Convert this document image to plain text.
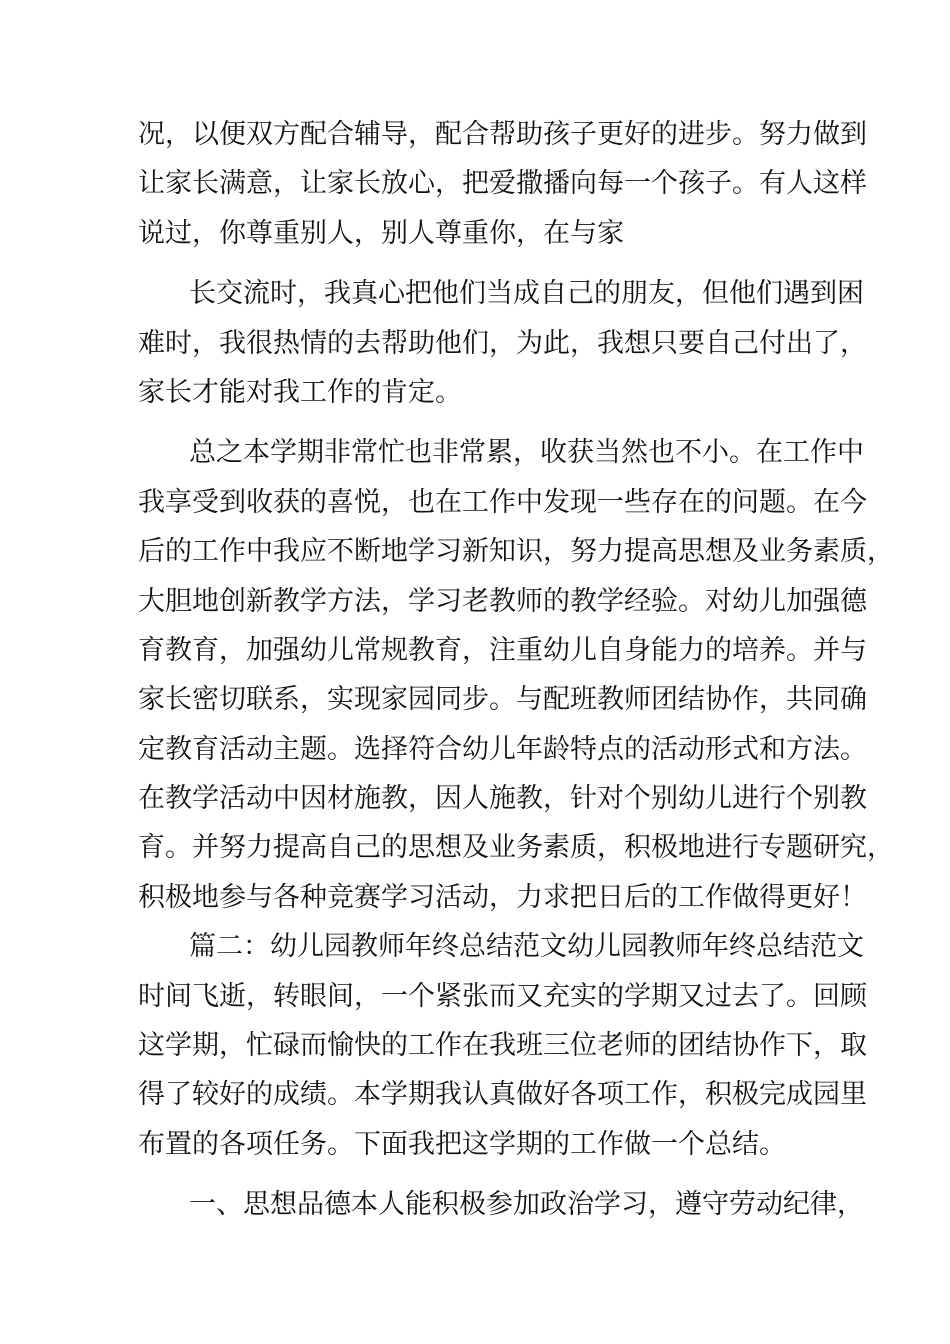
况，以便双方配合辅导，配合帮助孩子更好的进步。努力做到
让家长满意，让家长放心，把爱撒播向每一个孩子。有人这样
说过，你尊重别人，别人尊重你，在与家
长交流时，我真心把他们当成自己的朋友，但他们遇到困
难时，我很热情的去帮助他们，为此，我想只要自己付出了，
家长才能对我工作的肯定。
总之本学期非常忙也非常累，收获当然也不小。在工作中
我享受到收获的喜悦，也在工作中发现一些存在的问题。在今
后的工作中我应不断地学习新知识，努力提高思想及业务素质，
大胆地创新教学方法，学习老教师的教学经验。对幼儿加强德
育教育，加强幼儿常规教育，注重幼儿自身能力的培养。并与
家长密切联系，实现家园同步。与配班教师团结协作，共同确
定教育活动主题。选择符合幼儿年龄特点的活动形式和方法。
在教学活动中因材施教，因人施教，针对个别幼儿进行个别教
育。并努力提高自己的思想及业务素质，积极地进行专题研究，
积极地参与各种竞赛学习活动，力求把日后的工作做得更好！
篇二：幼儿园教师年终总结范文幼儿园教师年终总结范文
时间飞逝，转眼间，一个紧张而又充实的学期又过去了。回顾
这学期，忙碌而愉快的工作在我班三位老师的团结协作下，取
得了较好的成绩。本学期我认真做好各项工作，积极完成园里
布置的各项任务。下面我把这学期的工作做一个总结。
一、思想品德本人能积极参加政治学习，遵守劳动纪律，
